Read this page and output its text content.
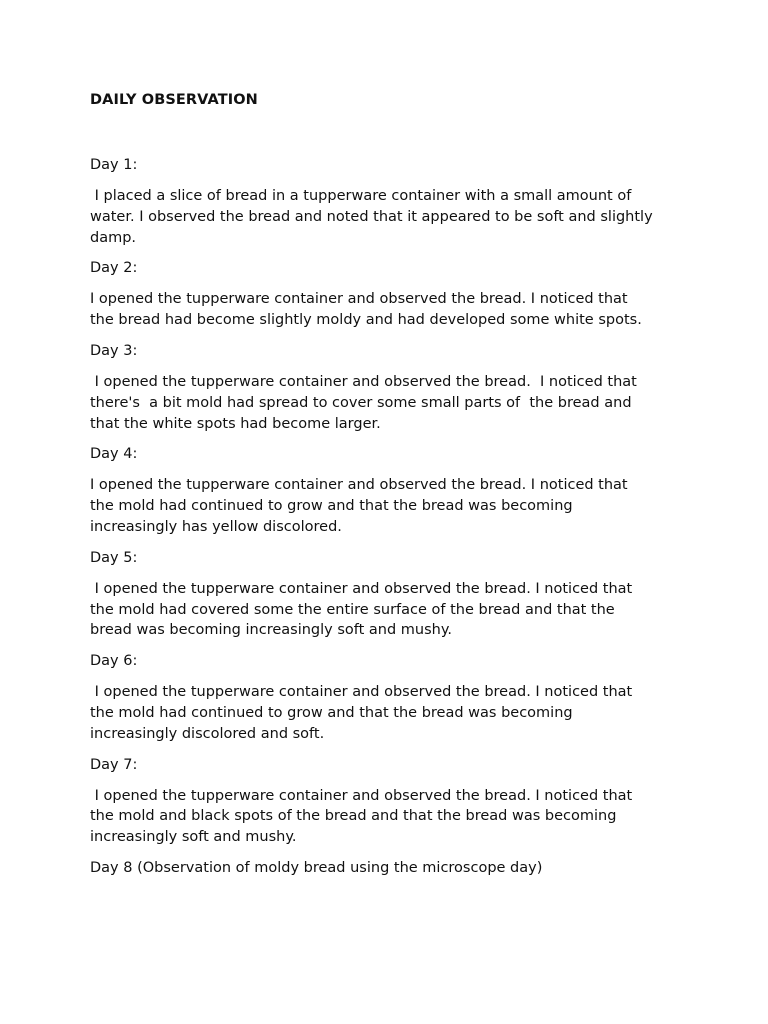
DAILY OBSERVATION

Day 1:

I placed a slice of bread in a tupperware container with a small amount of
water. I observed the bread and noted that it appeared to be soft and slightly
damp.

Day 2:

I opened the tupperware container and observed the bread. I noticed that
the bread had become slightly moldy and had developed some white spots.

Day 3:

I opened the tupperware container and observed the bread.  I noticed that
there's  a bit mold had spread to cover some small parts of  the bread and
that the white spots had become larger.

Day 4:

I opened the tupperware container and observed the bread. I noticed that
the mold had continued to grow and that the bread was becoming
increasingly has yellow discolored.

Day 5:

I opened the tupperware container and observed the bread. I noticed that
the mold had covered some the entire surface of the bread and that the
bread was becoming increasingly soft and mushy.

Day 6:

I opened the tupperware container and observed the bread. I noticed that
the mold had continued to grow and that the bread was becoming
increasingly discolored and soft.

Day 7:

I opened the tupperware container and observed the bread. I noticed that
the mold and black spots of the bread and that the bread was becoming
increasingly soft and mushy.

Day 8 (Observation of moldy bread using the microscope day)
